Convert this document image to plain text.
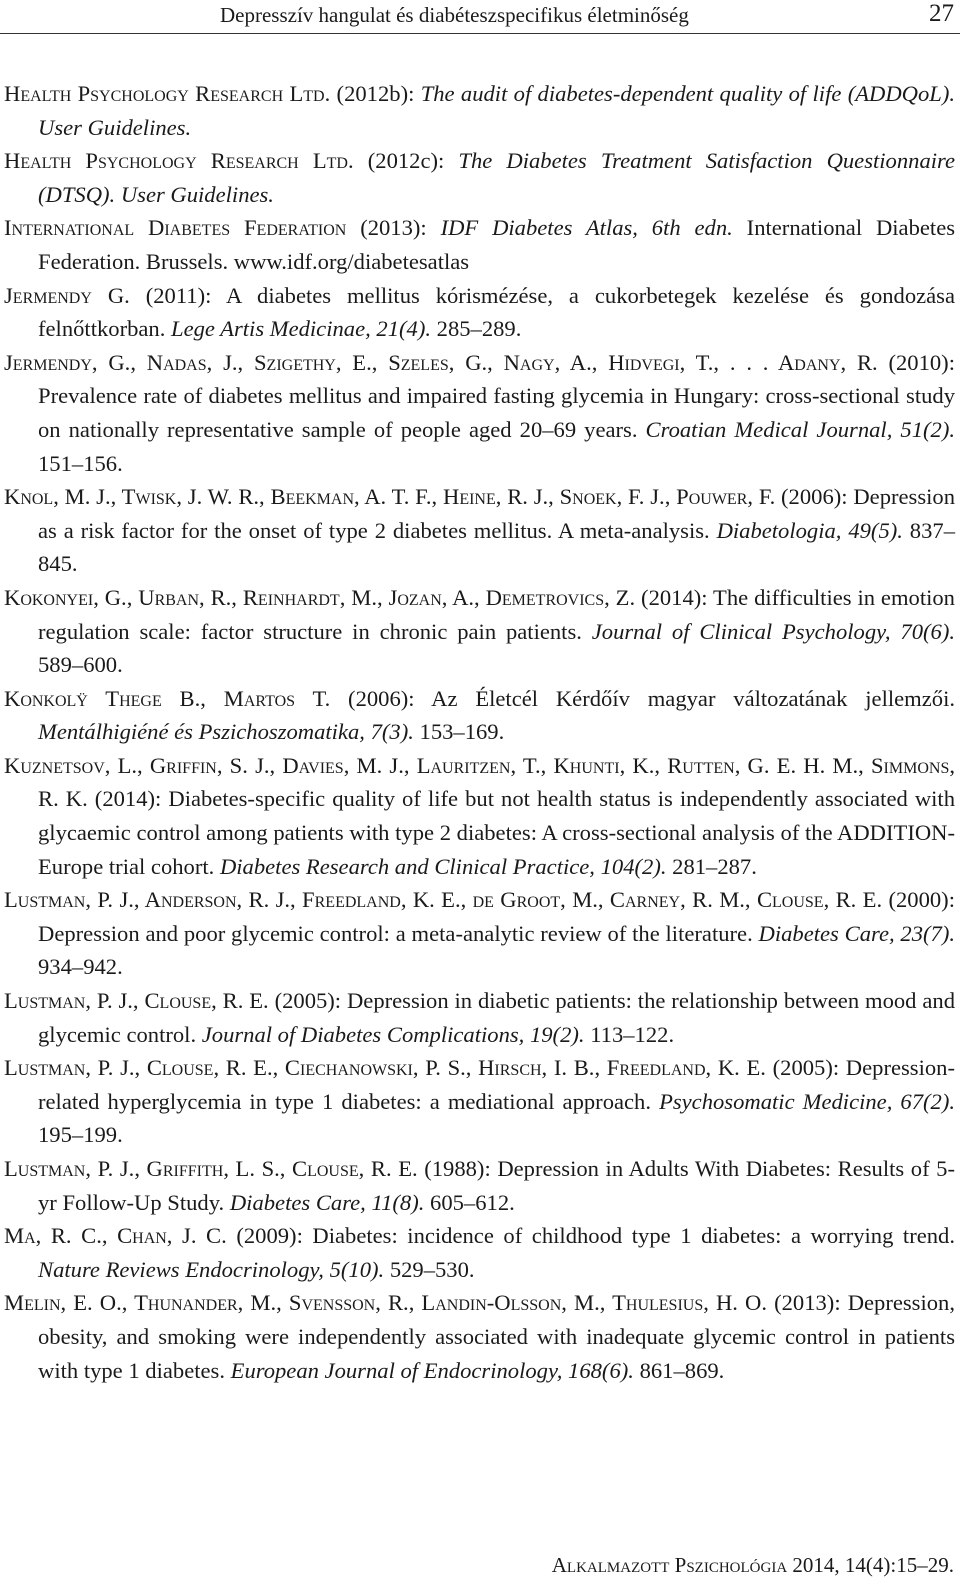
Depresszív hangulat és diabéteszspecifikus életminőség	27

Health Psychology Research Ltd. (2012b): The audit of diabetes-dependent quality of life (ADDQoL). User Guidelines.

Health Psychology Research Ltd. (2012c): The Diabetes Treatment Satisfaction Questionnaire (DTSQ). User Guidelines.

International Diabetes Federation (2013): IDF Diabetes Atlas, 6th edn. International Diabetes Federation. Brussels. www.idf.org/diabetesatlas

Jermendy G. (2011): A diabetes mellitus kórismézése, a cukorbetegek kezelése és gondozása felnőttkorban. Lege Artis Medicinae, 21(4). 285–289.

Jermendy, G., Nadas, J., Szigethy, E., Szeles, G., Nagy, A., Hidvegi, T., . . . Adany, R. (2010): Prevalence rate of diabetes mellitus and impaired fasting glycemia in Hungary: cross-sectional study on nationally representative sample of people aged 20–69 years. Croatian Medical Journal, 51(2). 151–156.

Knol, M. J., Twisk, J. W. R., Beekman, A. T. F., Heine, R. J., Snoek, F. J., Pouwer, F. (2006): Depression as a risk factor for the onset of type 2 diabetes mellitus. A meta-analysis. Diabetologia, 49(5). 837–845.

Kokonyei, G., Urban, R., Reinhardt, M., Jozan, A., Demetrovics, Z. (2014): The difficulties in emotion regulation scale: factor structure in chronic pain patients. Journal of Clinical Psychology, 70(6). 589–600.

Konkolÿ Thege B., Martos T. (2006): Az Életcél Kérdőív magyar változatának jellemzői. Mentálhigiéné és Pszichoszomatika, 7(3). 153–169.

Kuznetsov, L., Griffin, S. J., Davies, M. J., Lauritzen, T., Khunti, K., Rutten, G. E. H. M., Simmons, R. K. (2014): Diabetes-specific quality of life but not health status is independently associated with glycaemic control among patients with type 2 diabetes: A cross-sectional analysis of the ADDITION-Europe trial cohort. Diabetes Research and Clinical Practice, 104(2). 281–287.

Lustman, P. J., Anderson, R. J., Freedland, K. E., de Groot, M., Carney, R. M., Clouse, R. E. (2000): Depression and poor glycemic control: a meta-analytic review of the literature. Diabetes Care, 23(7). 934–942.

Lustman, P. J., Clouse, R. E. (2005): Depression in diabetic patients: the relationship between mood and glycemic control. Journal of Diabetes Complications, 19(2). 113–122.

Lustman, P. J., Clouse, R. E., Ciechanowski, P. S., Hirsch, I. B., Freedland, K. E. (2005): Depression-related hyperglycemia in type 1 diabetes: a mediational approach. Psychosomatic Medicine, 67(2). 195–199.

Lustman, P. J., Griffith, L. S., Clouse, R. E. (1988): Depression in Adults With Diabetes: Results of 5-yr Follow-Up Study. Diabetes Care, 11(8). 605–612.

Ma, R. C., Chan, J. C. (2009): Diabetes: incidence of childhood type 1 diabetes: a worrying trend. Nature Reviews Endocrinology, 5(10). 529–530.

Melin, E. O., Thunander, M., Svensson, R., Landin-Olsson, M., Thulesius, H. O. (2013): Depression, obesity, and smoking were independently associated with inadequate glycemic control in patients with type 1 diabetes. European Journal of Endocrinology, 168(6). 861–869.

Alkalmazott Pszichológia 2014, 14(4):15–29.
